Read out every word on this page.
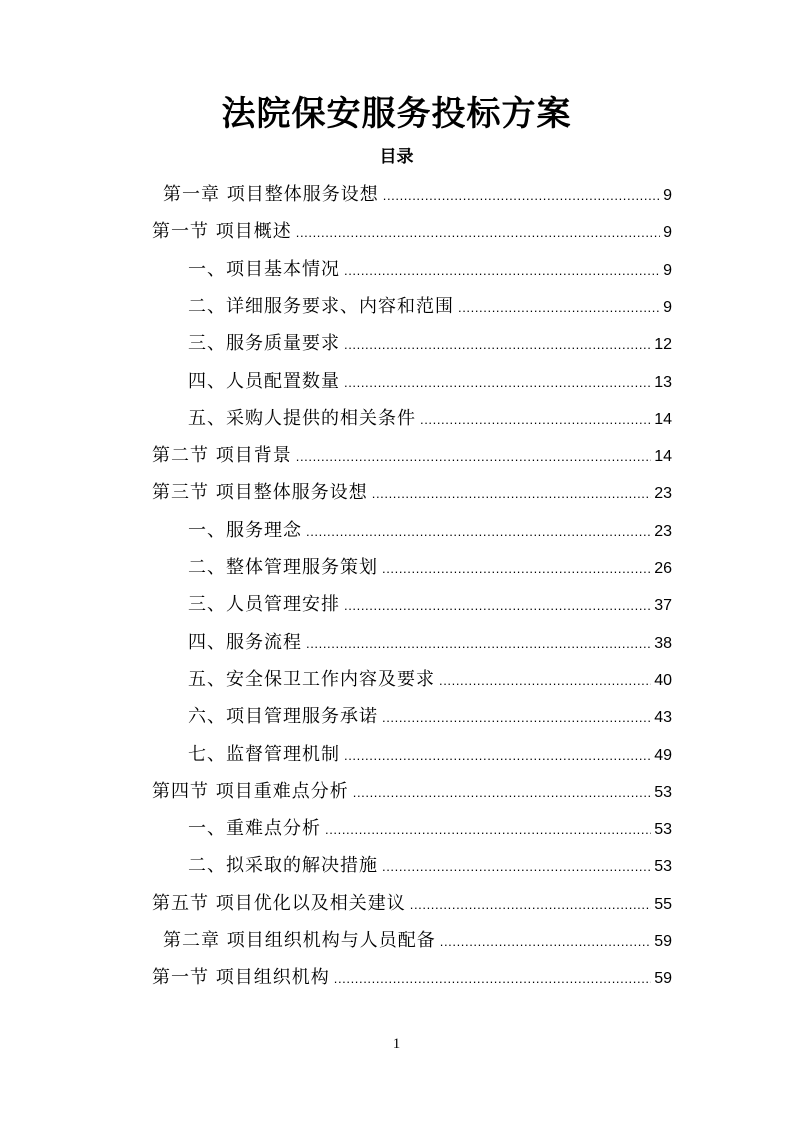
法院保安服务投标方案
目录
第一章 项目整体服务设想 .....	9
第一节 项目概述 .....	9
一、项目基本情况 .....	9
二、详细服务要求、内容和范围 .....	9
三、服务质量要求 .....	12
四、人员配置数量 .....	13
五、采购人提供的相关条件 .....	14
第二节 项目背景 .....	14
第三节 项目整体服务设想 .....	23
一、服务理念 .....	23
二、整体管理服务策划 .....	26
三、人员管理安排 .....	37
四、服务流程 .....	38
五、安全保卫工作内容及要求 .....	40
六、项目管理服务承诺 .....	43
七、监督管理机制 .....	49
第四节 项目重难点分析 .....	53
一、重难点分析 .....	53
二、拟采取的解决措施 .....	53
第五节 项目优化以及相关建议 .....	55
第二章 项目组织机构与人员配备 .....	59
第一节 项目组织机构 .....	59
1
